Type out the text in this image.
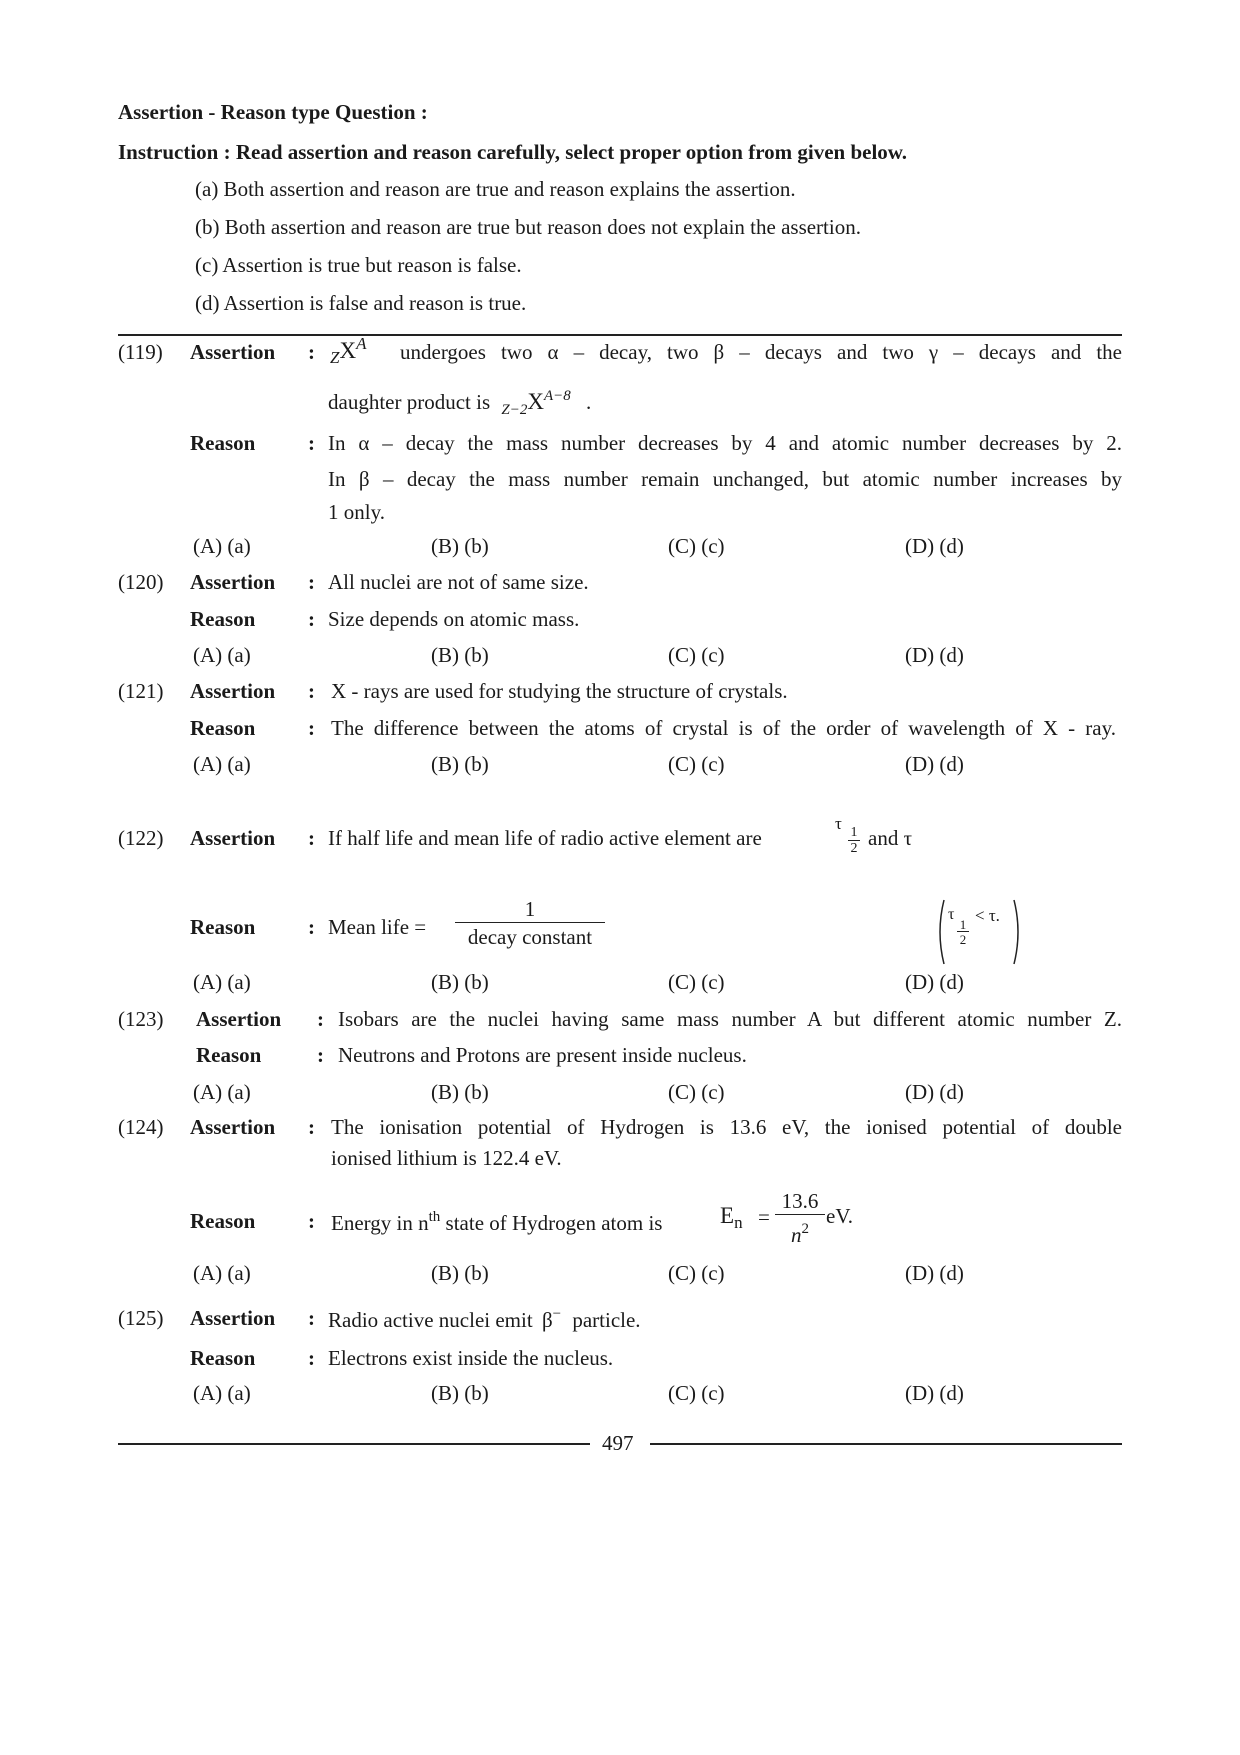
Assertion - Reason type Question :
Instruction : Read assertion and reason carefully, select proper option from given below.
(a) Both assertion and reason are true and reason explains the assertion.
(b) Both assertion and reason are true but reason does not explain the assertion.
(c) Assertion is true but reason is false.
(d) Assertion is false and reason is true.
(119) Assertion : $_ZX^A$ undergoes two α – decay, two β – decays and two γ – decays and the
daughter product is $_{Z-2}X^{A-8}$ .
Reason	: In α – decay the mass number decreases by 4 and atomic number decreases by 2.
In β – decay the mass number remain unchanged, but atomic number increases by
1 only.
(A) (a)	(B) (b)	(C) (c)	(D) (d)
(120) Assertion : All nuclei are not of same size.
Reason	: Size depends on atomic mass.
(A) (a)	(B) (b)	(C) (c)	(D) (d)
(121) Assertion : X - rays are used for studying the structure of crystals.
Reason	: The difference between the atoms of crystal is of the order of wavelength of X - ray.
(A) (a)	(B) (b)	(C) (c)	(D) (d)
(122) Assertion : If half life and mean life of radio active element are
τ
$\frac{1}{2}$ and τ
τ
$\frac{1}{2}$
< τ.
Reason	: Mean life =
1
decay constant
(A) (a)	(B) (b)	(C) (c)	(D) (d)
(123) Assertion : Isobars are the nuclei having same mass number A but different atomic number Z.
Reason	: Neutrons and Protons are present inside nucleus.
(A) (a)	(B) (b)	(C) (c)	(D) (d)
(124) Assertion : The ionisation potential of Hydrogen is 13.6 eV, the ionised potential of double
ionised lithium is 122.4 eV.
Reason	: Energy in $n^{th}$ state of Hydrogen atom is	$E_n = \frac{13.6}{n^2}$ eV.
(A) (a)	(B) (b)	(C) (c)	(D) (d)
(125) Assertion : Radio active nuclei emit β− particle.
Reason	: Electrons exist inside the nucleus.
(A) (a)	(B) (b)	(C) (c)	(D) (d)
497
